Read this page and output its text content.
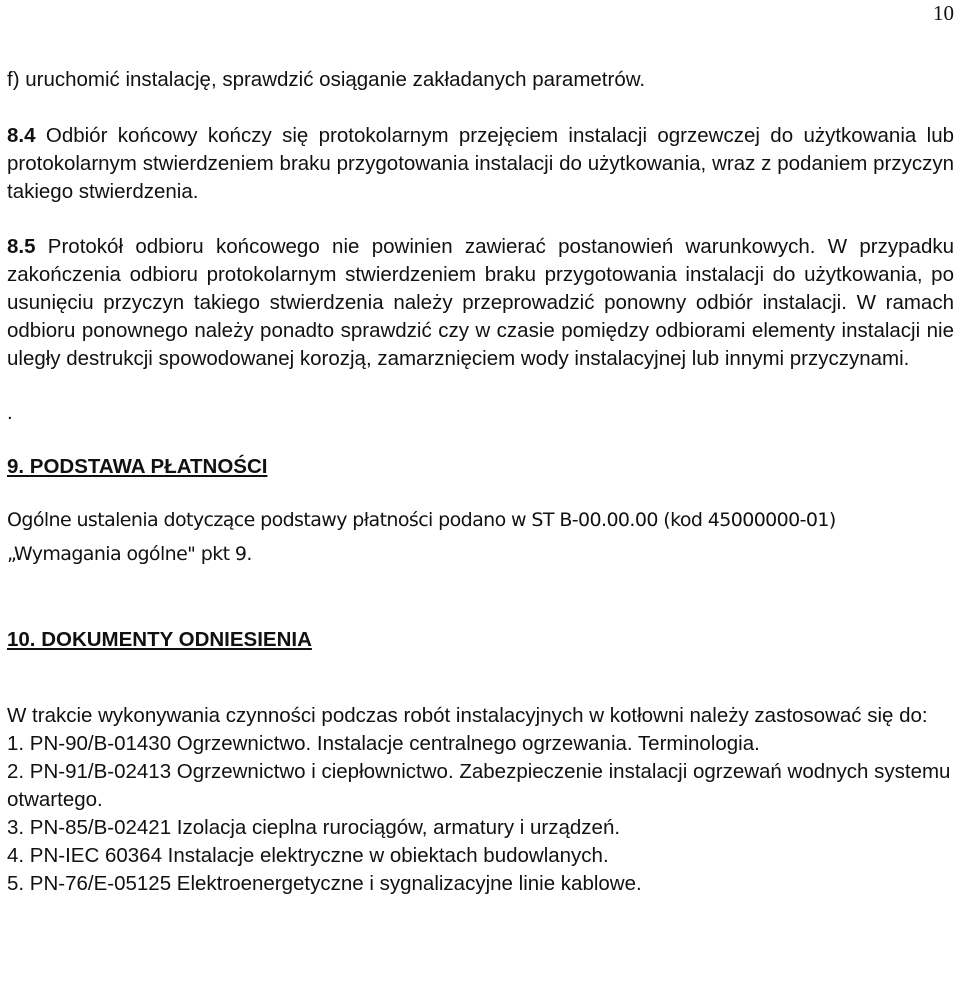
10

f) uruchomić instalację, sprawdzić osiąganie zakładanych parametrów.

8.4 Odbiór końcowy kończy się protokolarnym przejęciem instalacji ogrzewczej do użytkowania lub protokolarnym stwierdzeniem braku przygotowania instalacji do użytkowania, wraz z podaniem przyczyn takiego stwierdzenia.

8.5 Protokół odbioru końcowego nie powinien zawierać postanowień warunkowych. W przypadku zakończenia odbioru protokolarnym stwierdzeniem braku przygotowania instalacji do użytkowania, po usunięciu przyczyn takiego stwierdzenia należy przeprowadzić ponowny odbiór instalacji. W ramach odbioru ponownego należy ponadto sprawdzić czy w czasie pomiędzy odbiorami elementy instalacji nie uległy destrukcji spowodowanej korozją, zamarznięciem wody instalacyjnej lub innymi przyczynami.

.

9. PODSTAWA PŁATNOŚCI

Ogólne ustalenia dotyczące podstawy płatności podano w ST B-00.00.00 (kod 45000000-01) „Wymagania ogólne" pkt 9.

10. DOKUMENTY ODNIESIENIA

W trakcie wykonywania czynności podczas robót instalacyjnych w kotłowni należy zastosować się do:

1. PN-90/B-01430 Ogrzewnictwo. Instalacje centralnego ogrzewania. Terminologia.

2. PN-91/B-02413 Ogrzewnictwo i ciepłownictwo. Zabezpieczenie instalacji ogrzewań wodnych systemu otwartego.

3. PN-85/B-02421 Izolacja cieplna rurociągów, armatury i urządzeń.

4. PN-IEC 60364 Instalacje elektryczne w obiektach budowlanych.

5. PN-76/E-05125 Elektroenergetyczne i sygnalizacyjne linie kablowe.
